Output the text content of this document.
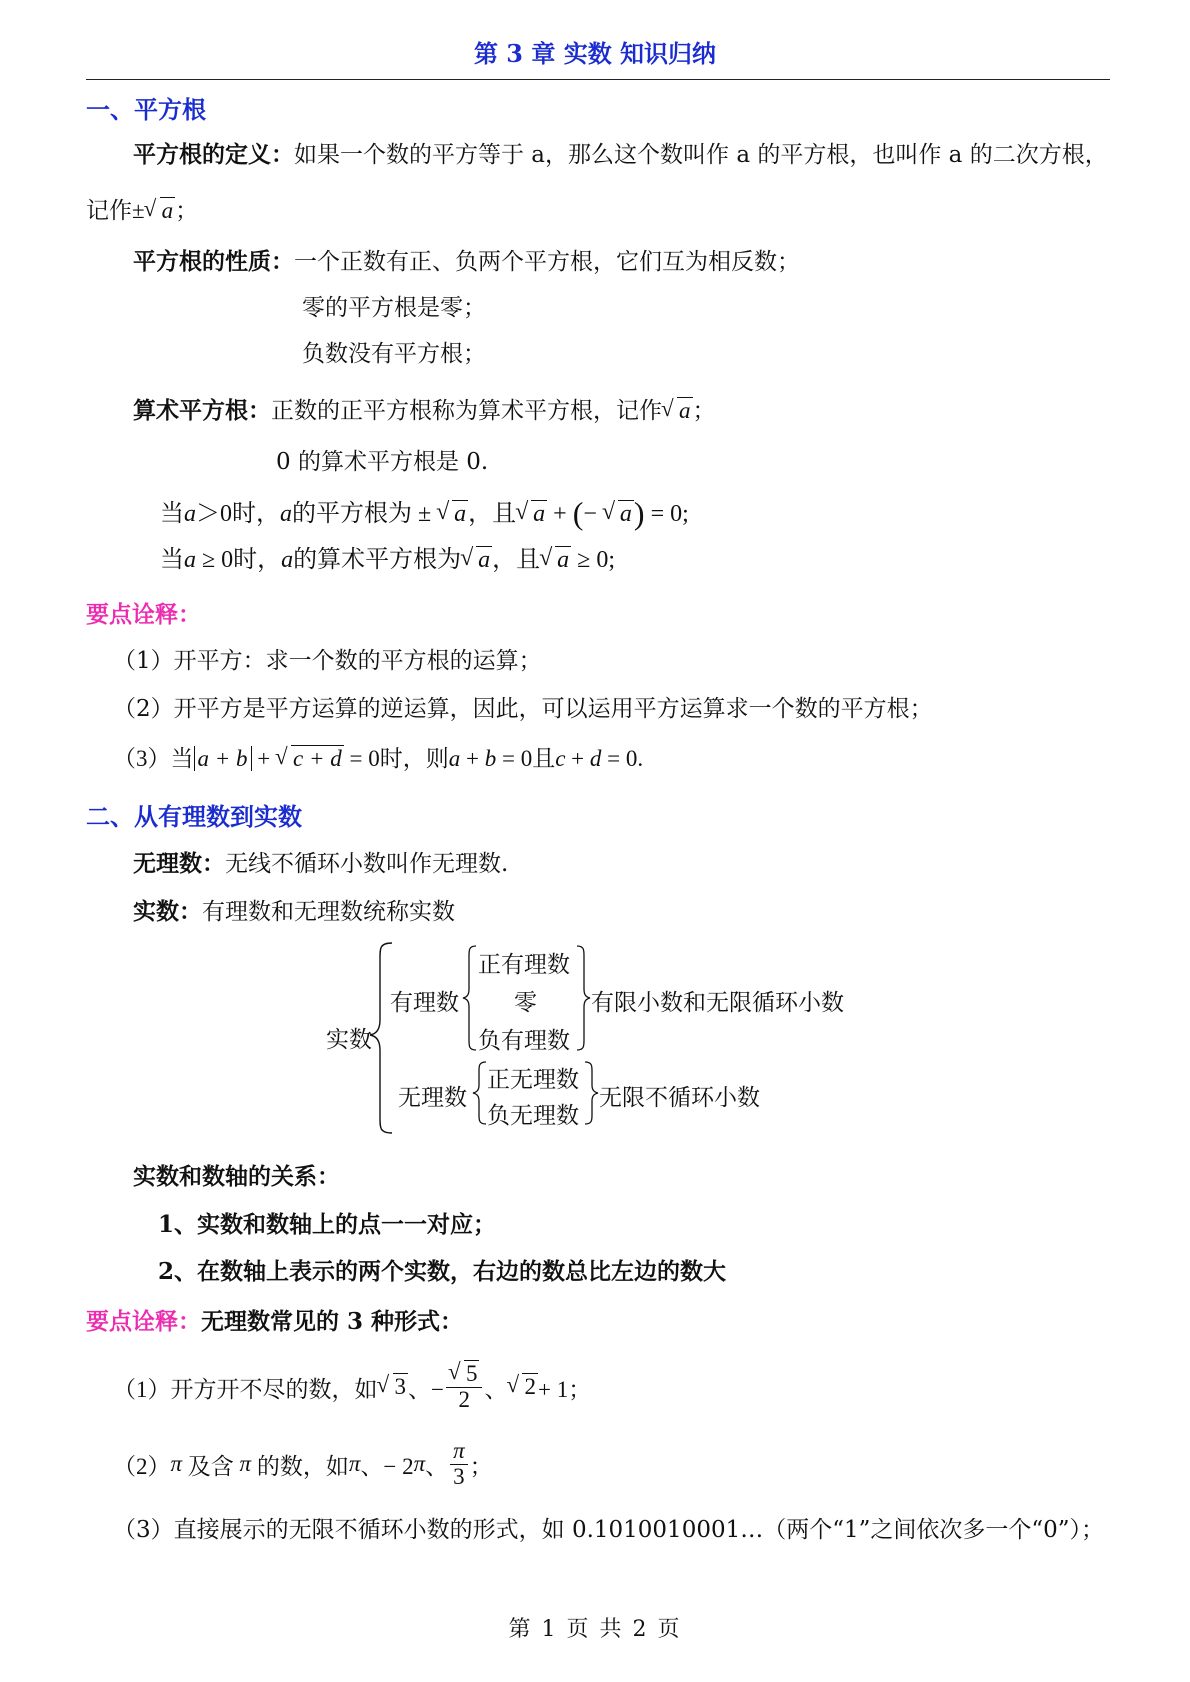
第 3 章 实数 知识归纳
一、平方根
平方根的定义：如果一个数的平方等于 a，那么这个数叫作 a 的平方根，也叫作 a 的二次方根，
记作± √ a；
平方根的性质：一个正数有正、负两个平方根，它们互为相反数；
零的平方根是零；
负数没有平方根；
算术平方根：正数的正平方根称为算术平方根，记作 √ a；
0 的算术平方根是 0.
当a＞0时，a的平方根为 ± √ a，且 √ a + (− √ a) = 0;
当a ≥ 0时，a的算术平方根为 √ a，且 √ a ≥ 0;
要点诠释：
（1）开平方：求一个数的平方根的运算；
（2）开平方是平方运算的逆运算，因此，可以运用平方运算求一个数的平方根；
（3）当 a + b + √ c + d = 0时，则a + b = 0且c + d = 0.
二、从有理数到实数
无理数：无线不循环小数叫作无理数.
实数：有理数和无理数统称实数
实数
有理数
正有理数
零
负有理数
有限小数和无限循环小数
无理数
正无理数
负无理数
无限不循环小数
实数和数轴的关系：
1、实数和数轴上的点一一对应；
2、在数轴上表示的两个实数，右边的数总比左边的数大
要点诠释：无理数常见的 3 种形式：
（1）开方开不尽的数，如 √ 3 、− √ $\frac{5}{2}$ 、 √ 2 + 1；
（2） π
及含
π
的数，如 π 、− 2 π 、 $\frac{\pi}{3}$ ；
（3）直接展示的无限不循环小数的形式，如 0.1010010001…（两个“1”之间依次多一个“0”）；
第 1 页 共 2 页
